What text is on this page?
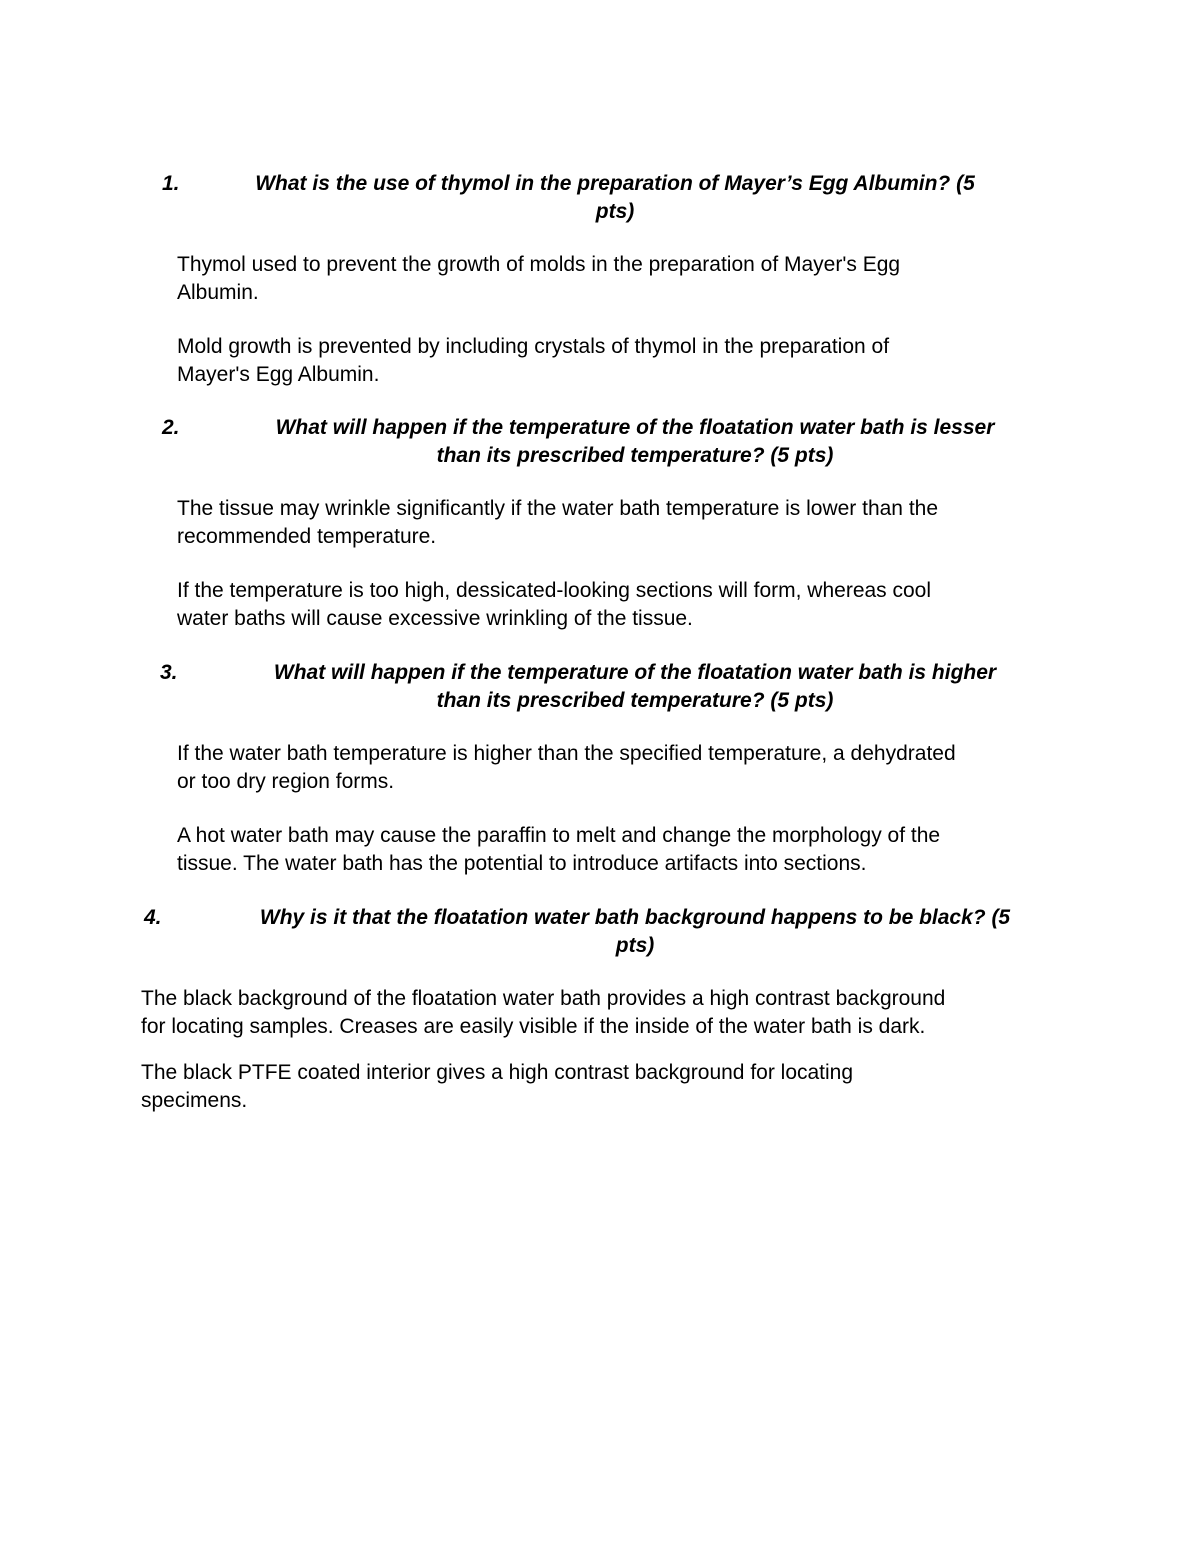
1.	What is the use of thymol in the preparation of Mayer’s Egg Albumin? (5
pts)
Thymol used to prevent the growth of molds in the preparation of Mayer's Egg
Albumin.
Mold growth is prevented by including crystals of thymol in the preparation of
Mayer's Egg Albumin.
2.	What will happen if the temperature of the floatation water bath is lesser
than its prescribed temperature? (5 pts)
The tissue may wrinkle significantly if the water bath temperature is lower than the
recommended temperature.
If the temperature is too high, dessicated-looking sections will form, whereas cool
water baths will cause excessive wrinkling of the tissue.
3.	What will happen if the temperature of the floatation water bath is higher
than its prescribed temperature? (5 pts)
If the water bath temperature is higher than the specified temperature, a dehydrated
or too dry region forms.
A hot water bath may cause the paraffin to melt and change the morphology of the
tissue. The water bath has the potential to introduce artifacts into sections.
4.	Why is it that the floatation water bath background happens to be black? (5
pts)
The black background of the floatation water bath provides a high contrast background
for locating samples. Creases are easily visible if the inside of the water bath is dark.
The black PTFE coated interior gives a high contrast background for locating
specimens.
